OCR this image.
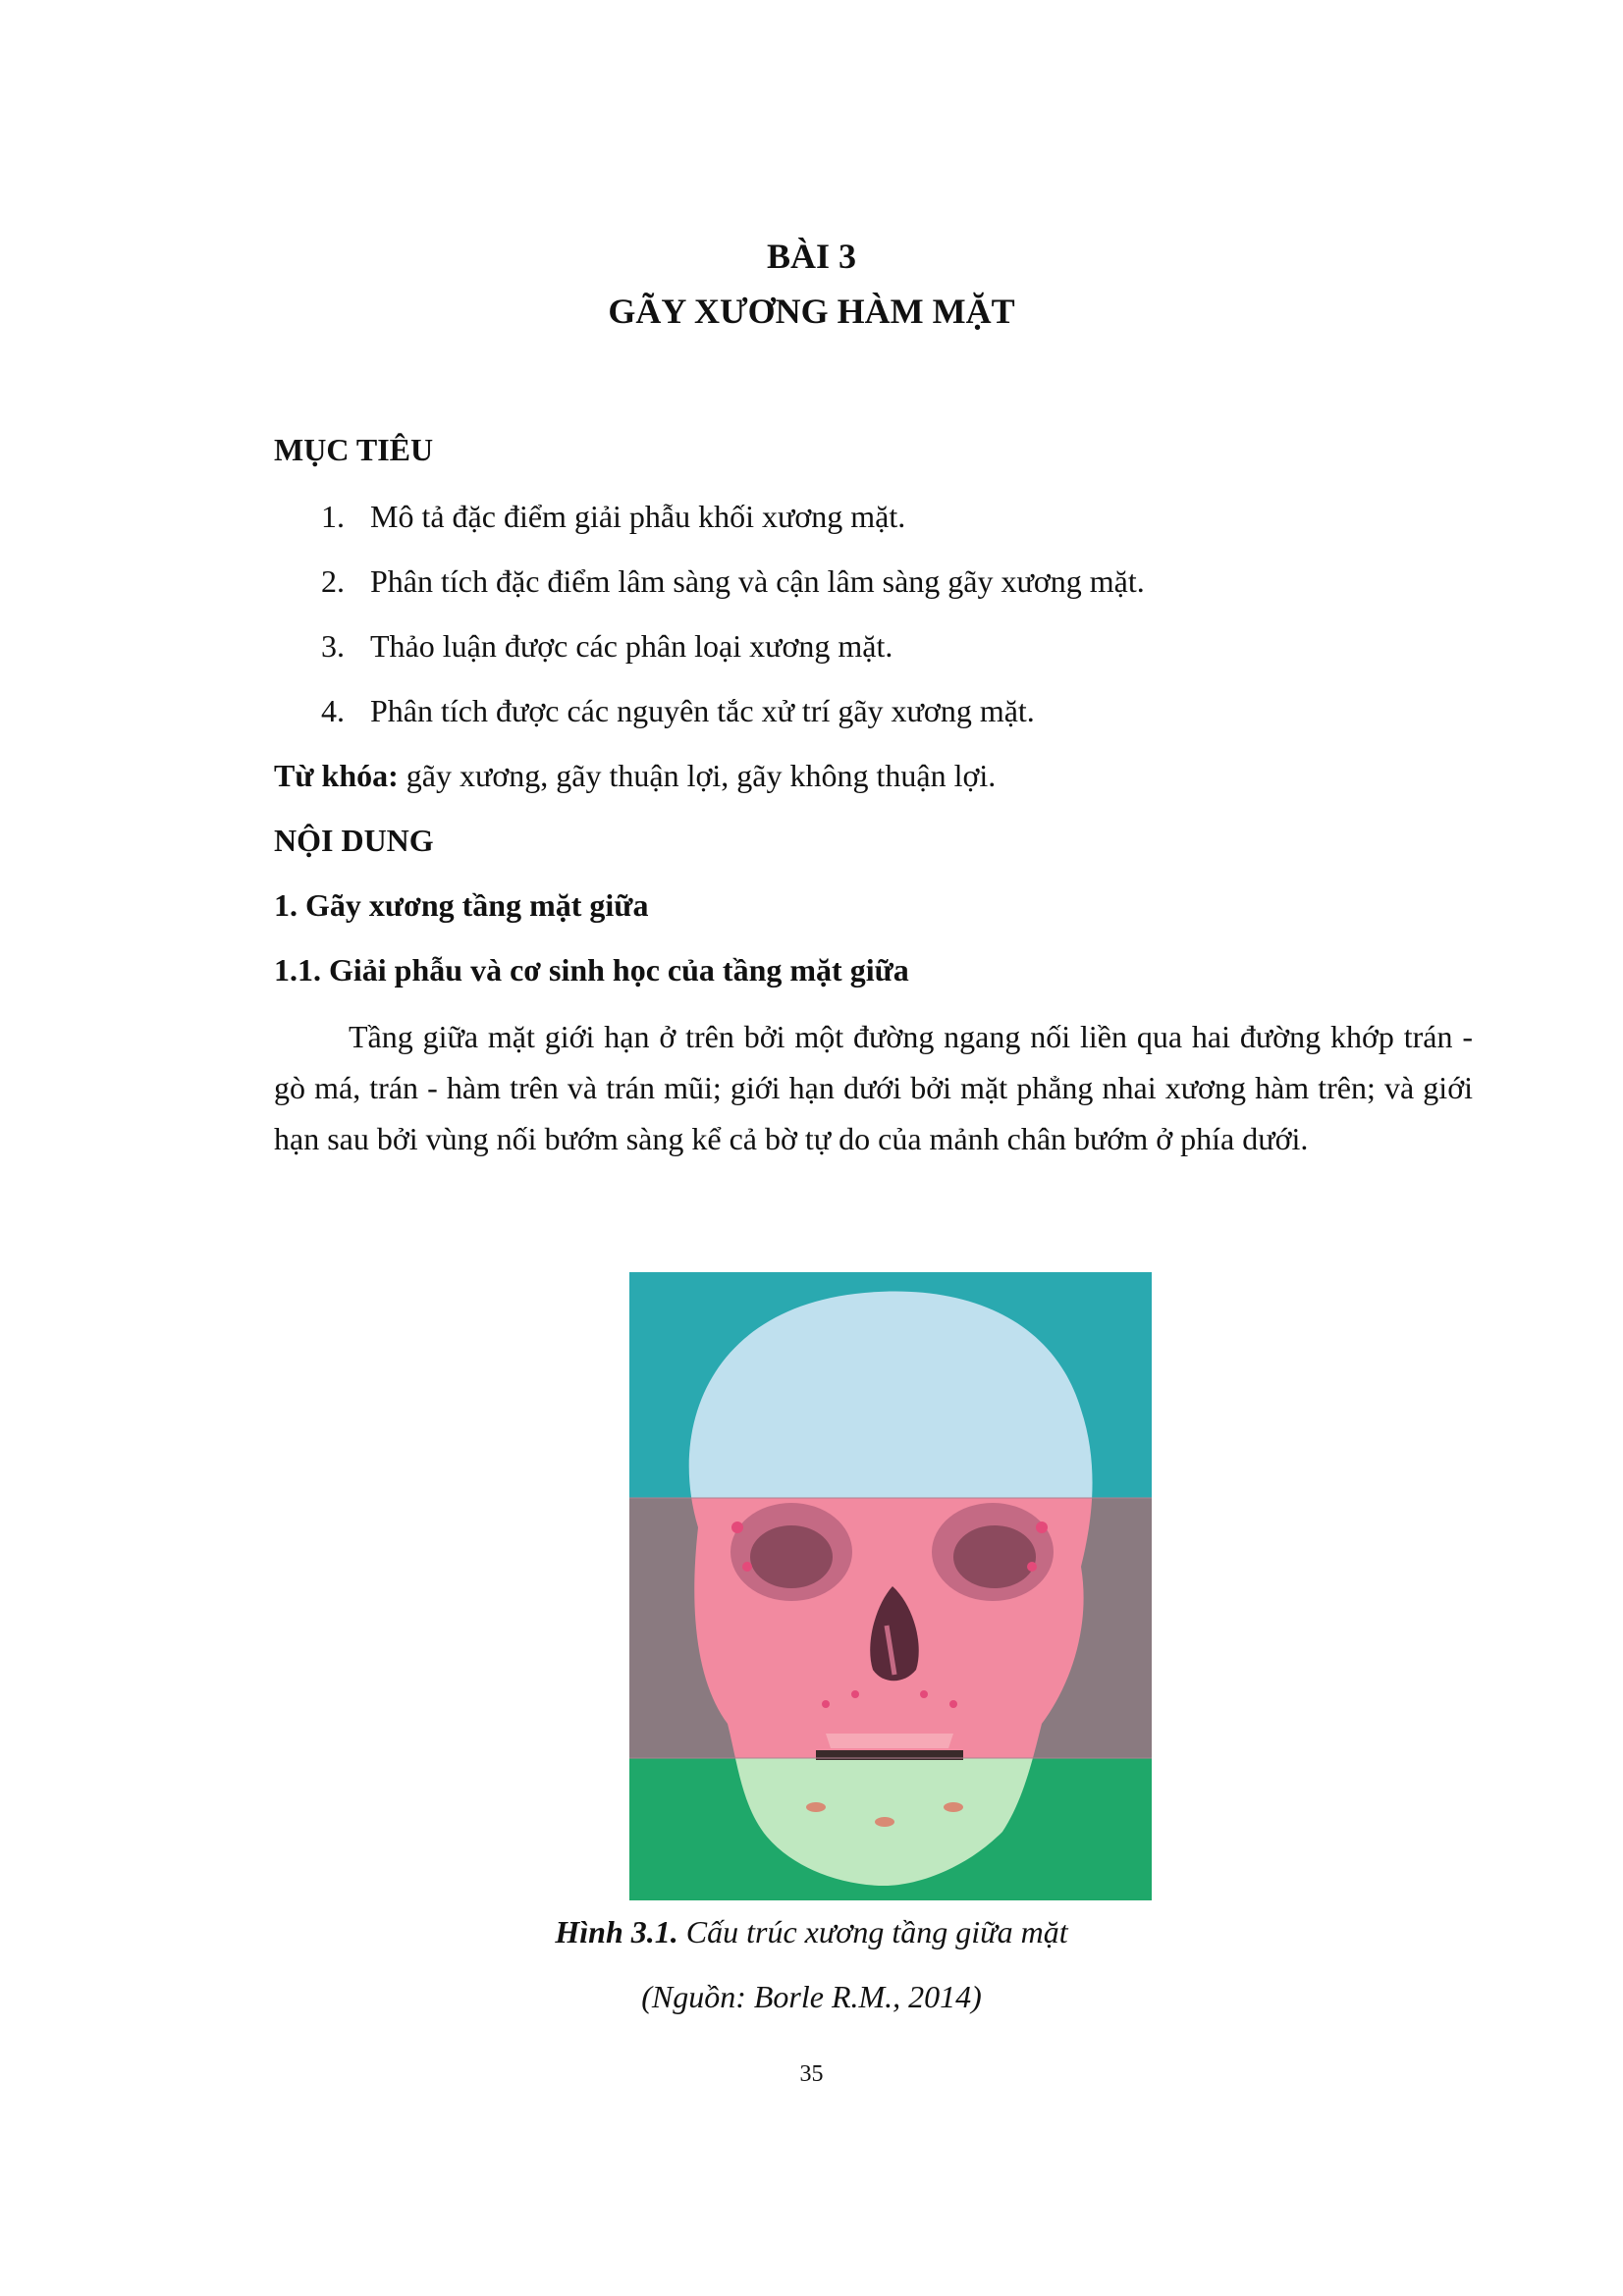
BÀI 3
GÃY XƯƠNG HÀM MẶT
MỤC TIÊU
1. Mô tả đặc điểm giải phẫu khối xương mặt.
2. Phân tích đặc điểm lâm sàng và cận lâm sàng gãy xương mặt.
3. Thảo luận được các phân loại xương mặt.
4. Phân tích được các nguyên tắc xử trí gãy xương mặt.
Từ khóa: gãy xương, gãy thuận lợi, gãy không thuận lợi.
NỘI DUNG
1. Gãy xương tầng mặt giữa
1.1. Giải phẫu và cơ sinh học của tầng mặt giữa
Tầng giữa mặt giới hạn ở trên bởi một đường ngang nối liền qua hai đường khớp trán - gò má, trán - hàm trên và trán mũi; giới hạn dưới bởi mặt phẳng nhai xương hàm trên; và giới hạn sau bởi vùng nối bướm sàng kể cả bờ tự do của mảnh chân bướm ở phía dưới.
Hình 3.1. Cấu trúc xương tầng giữa mặt
(Nguồn: Borle R.M., 2014)
35
